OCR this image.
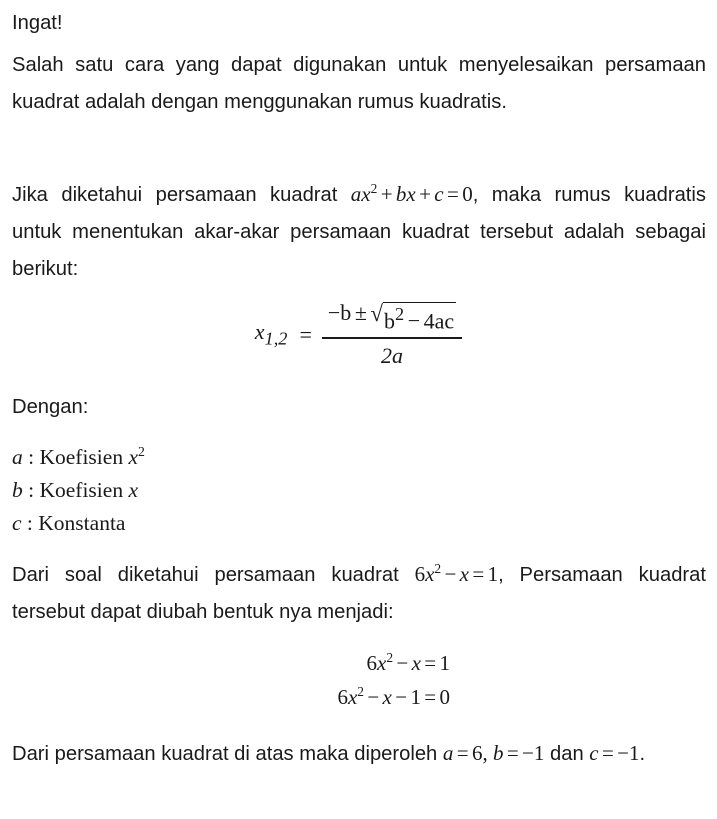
Ingat!
Salah satu cara yang dapat digunakan untuk menyelesaikan persamaan kuadrat adalah dengan menggunakan rumus kuadratis.
Jika diketahui persamaan kuadrat $ax^2$ + bx + c = 0, maka rumus kuadratis untuk menentukan akar-akar persamaan kuadrat tersebut adalah sebagai berikut:
$x_{1,2} = \frac{-b \pm √ b^2 - 4ac}{2a}$
Dengan:
a : Koefisien $x^2$
b : Koefisien x
c : Konstanta
Dari soal diketahui persamaan kuadrat $6x^2 - x = 1$, Persamaan kuadrat tersebut dapat diubah bentuk nya menjadi:
$6x^2 - x = 1$
$6x^2 - x - 1 = 0$
Dari persamaan kuadrat di atas maka diperoleh a = 6, b = −1 dan c = −1.
